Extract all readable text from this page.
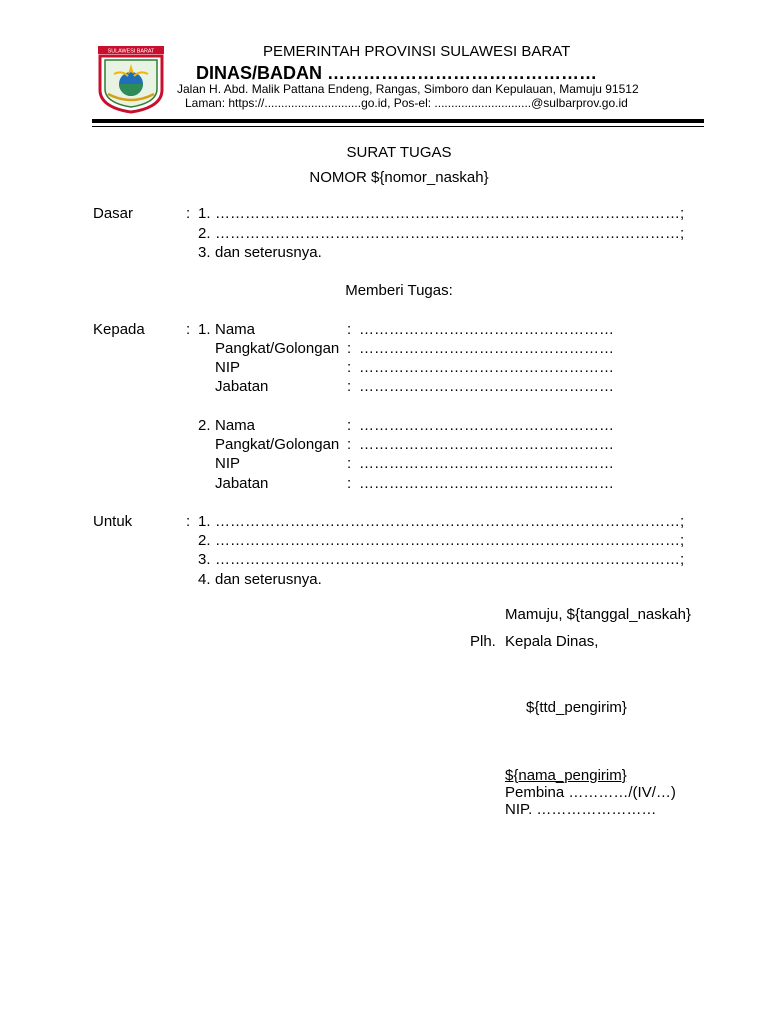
SULAWESI BARAT	PEMERINTAH PROVINSI SULAWESI BARAT
DINAS/BADAN ………………………………………
Jalan H. Abd. Malik Pattana Endeng, Rangas, Simboro dan Kepulauan, Mamuju 91512
Laman: https://.............................go.id, Pos-el: .............................@sulbarprov.go.id
SURAT TUGAS
NOMOR ${nomor_naskah}
Dasar	: 1. …………………………………………………………………………………;
2. …………………………………………………………………………………;
3. dan seterusnya.
Memberi Tugas:
Kepada	: 1. Nama	: ……………………………………………
Pangkat/Golongan : ……………………………………………
NIP	: ……………………………………………
Jabatan	: ……………………………………………
2. Nama	: ……………………………………………
Pangkat/Golongan : ……………………………………………
NIP	: ……………………………………………
Jabatan	: ……………………………………………
Untuk	: 1. …………………………………………………………………………………;
2. …………………………………………………………………………………;
3. …………………………………………………………………………………;
4. dan seterusnya.
Mamuju, ${tanggal_naskah}
Plh. Kepala Dinas,
${ttd_pengirim}
${nama_pengirim}
Pembina …………/(IV/…)
NIP. ……………………
